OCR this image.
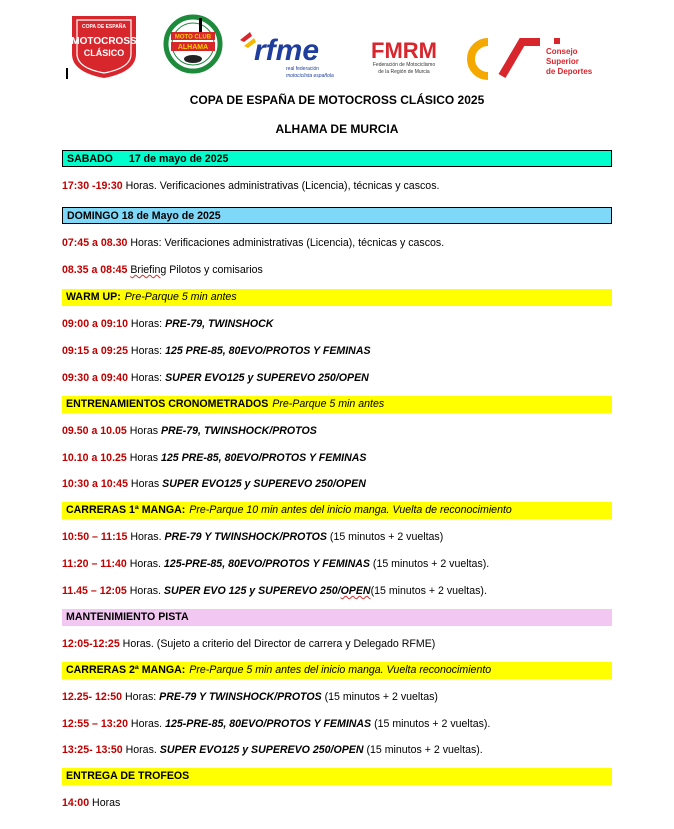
COPA DE ESPAÑA
MOTOCROSS
CLÁSICO
MOTO CLUB
ALHAMA rfme
real federación
motociclista española
FMRM
Federación de Motociclismo
de la Región de Murcia
Consejo
Superior
de Deportes
COPA DE ESPAÑA DE MOTOCROSS CLÁSICO 2025
ALHAMA DE MURCIA
SABADO 17 de mayo de 2025
17:30 -19:30 Horas. Verificaciones administrativas (Licencia), técnicas y cascos.
DOMINGO 18 de Mayo de 2025
07:45 a 08.30 Horas: Verificaciones administrativas (Licencia), técnicas y cascos.
08.35 a 08:45 Briefing Pilotos y comisarios
WARM UP: Pre-Parque 5 min antes
09:00 a 09:10 Horas: PRE-79, TWINSHOCK
09:15 a 09:25 Horas: 125 PRE-85, 80EVO/PROTOS Y FEMINAS
09:30 a 09:40 Horas: SUPER EVO125 y SUPEREVO 250/OPEN
ENTRENAMIENTOS CRONOMETRADOS Pre-Parque 5 min antes
09.50 a 10.05 Horas PRE-79, TWINSHOCK/PROTOS
10.10 a 10.25 Horas 125 PRE-85, 80EVO/PROTOS Y FEMINAS
10:30 a 10:45 Horas SUPER EVO125 y SUPEREVO 250/OPEN
CARRERAS 1ª MANGA: Pre-Parque 10 min antes del inicio manga. Vuelta de reconocimiento
10:50 – 11:15 Horas. PRE-79 Y TWINSHOCK/PROTOS (15 minutos + 2 vueltas)
11:20 – 11:40 Horas. 125-PRE-85, 80EVO/PROTOS Y FEMINAS (15 minutos + 2 vueltas).
11.45 – 12:05 Horas. SUPER EVO 125 y SUPEREVO 250/OPEN(15 minutos + 2 vueltas).
MANTENIMIENTO PISTA
12:05-12:25 Horas. (Sujeto a criterio del Director de carrera y Delegado RFME)
CARRERAS 2ª MANGA: Pre-Parque 5 min antes del inicio manga. Vuelta reconocimiento
12.25- 12:50 Horas: PRE-79 Y TWINSHOCK/PROTOS (15 minutos + 2 vueltas)
12:55 – 13:20 Horas. 125-PRE-85, 80EVO/PROTOS Y FEMINAS (15 minutos + 2 vueltas).
13:25- 13:50 Horas. SUPER EVO125 y SUPEREVO 250/OPEN (15 minutos + 2 vueltas).
ENTREGA DE TROFEOS
14:00 Horas
